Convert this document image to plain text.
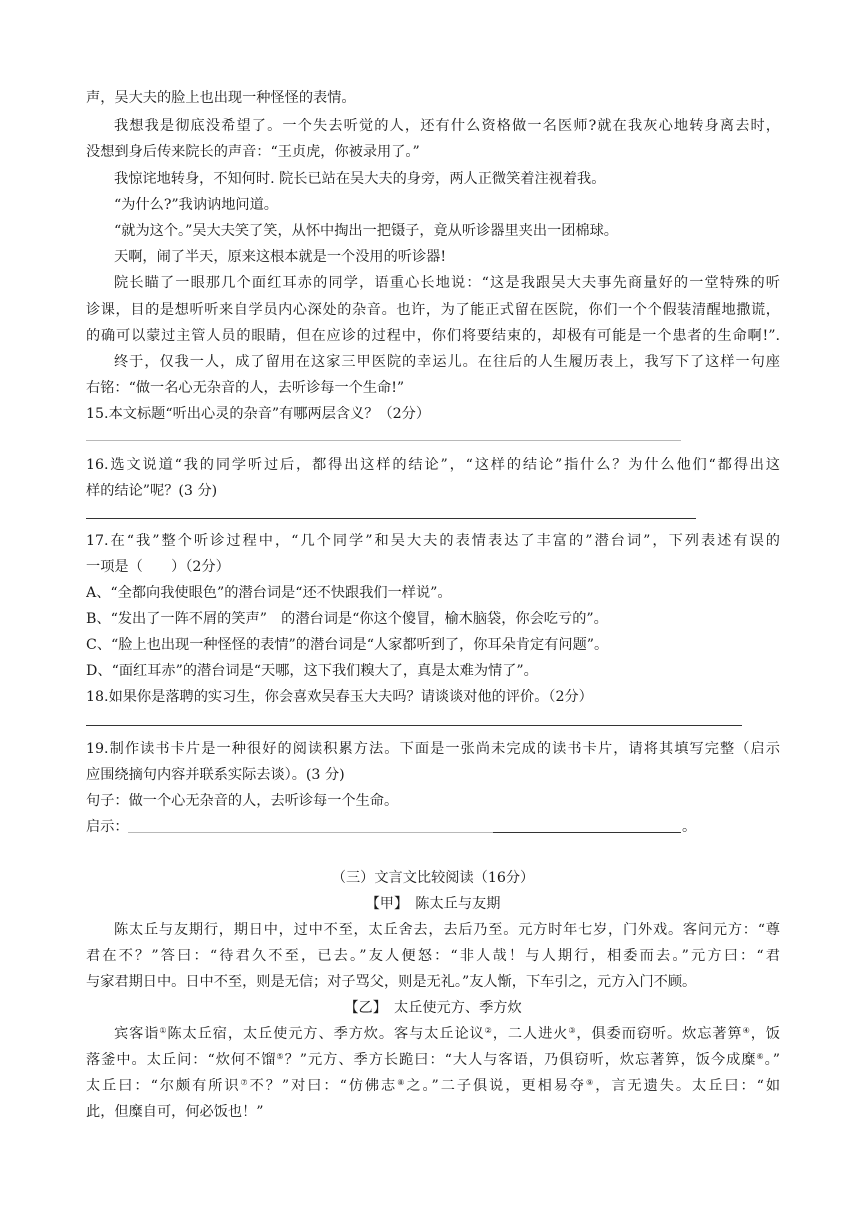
声，吴大夫的脸上也出现一种怪怪的表情。
我想我是彻底没希望了。一个失去听觉的人，还有什么资格做一名医师?就在我灰心地转身离去时，
没想到身后传来院长的声音：“王贞虎，你被录用了。”
我惊诧地转身，不知何时. 院长已站在吴大夫的身旁，两人正微笑着注视着我。
“为什么?”我讷讷地问道。
“就为这个。”吴大夫笑了笑，从怀中掏出一把镊子，竟从听诊器里夹出一团棉球。
天啊，闹了半天，原来这根本就是一个没用的听诊器!
院长瞄了一眼那几个面红耳赤的同学，语重心长地说：“这是我跟吴大夫事先商量好的一堂特殊的听
诊课，目的是想听听来自学员内心深处的杂音。也许，为了能正式留在医院，你们一个个假装清醒地撒谎，
的确可以蒙过主管人员的眼睛，但在应诊的过程中，你们将要结束的，却极有可能是一个患者的生命啊!”.
终于，仅我一人，成了留用在这家三甲医院的幸运儿。在往后的人生履历表上，我写下了这样一句座
右铭：“做一名心无杂音的人，去听诊每一个生命!”
15.本文标题“听出心灵的杂音”有哪两层含义？（2分）
16.选文说道“我的同学听过后，都得出这样的结论”，“这样的结论”指什么？为什么他们“都得出这
样的结论”呢？(3 分)
17.在“我”整个听诊过程中，“几个同学”和吴大夫的表情表达了丰富的”潜台词”，下列表述有误的
一项是（　　）（2分）
A、“全都向我使眼色”的潜台词是“还不快跟我们一样说”。
B、“发出了一阵不屑的笑声”　的潜台词是“你这个傻冒，榆木脑袋，你会吃亏的”。
C、“脸上也出现一种怪怪的表情”的潜台词是“人家都听到了，你耳朵肯定有问题”。
D、“面红耳赤”的潜台词是“天哪，这下我们糗大了，真是太难为情了”。
18.如果你是落聘的实习生，你会喜欢吴春玉大夫吗？请谈谈对他的评价。（2分）
19.制作读书卡片是一种很好的阅读积累方法。下面是一张尚未完成的读书卡片，请将其填写完整（启示
应围绕摘句内容并联系实际去谈）。(3 分)
句子：做一个心无杂音的人，去听诊每一个生命。
启示：	。
（三）文言文比较阅读（16分）
【甲】　陈太丘与友期
陈太丘与友期行，期日中，过中不至，太丘舍去，去后乃至。元方时年七岁，门外戏。客问元方：“尊
君在不？”答曰：“待君久不至，已去。”友人便怒：“非人哉！与人期行，相委而去。”元方曰：“君
与家君期日中。日中不至，则是无信；对子骂父，则是无礼。”友人惭，下车引之，元方入门不顾。
【乙】　太丘使元方、季方炊
宾客诣①陈太丘宿，太丘使元方、季方炊。客与太丘论议②，二人进火③，俱委而窃听。炊忘著箅④，饭
落釜中。太丘问：“炊何不馏⑤？”元方、季方长跪曰：“大人与客语，乃俱窃听，炊忘著箅，饭今成糜⑥。”
太丘曰：“尔颇有所识⑦不？”对曰：“仿佛志⑧之。”二子俱说，更相易夺⑨，言无遗失。太丘曰：“如
此，但糜自可，何必饭也！”
